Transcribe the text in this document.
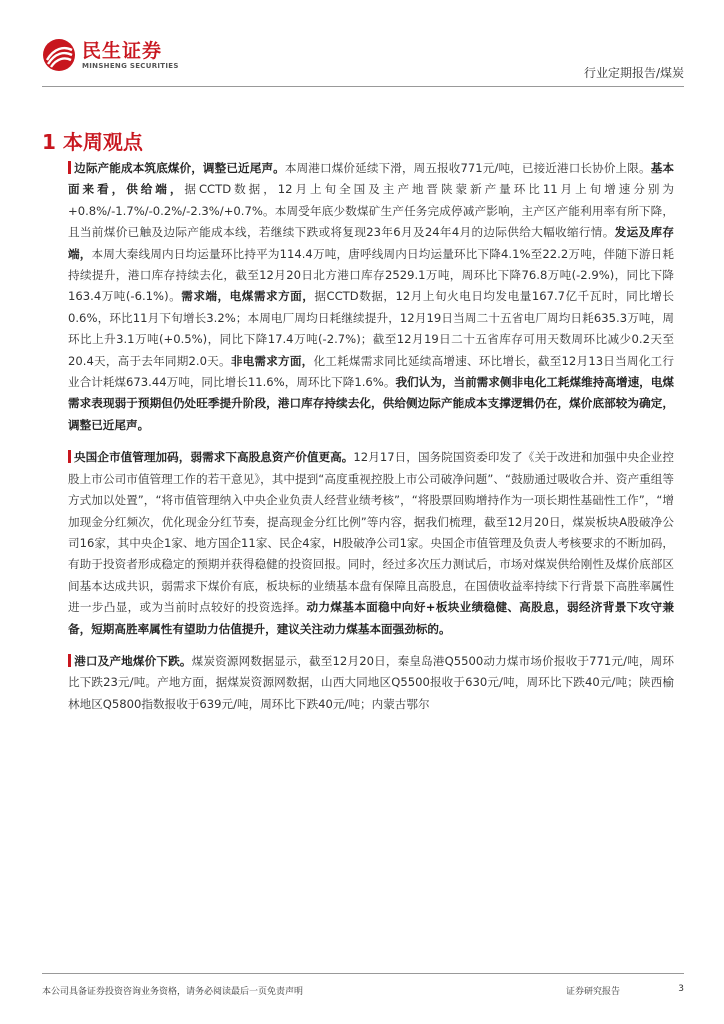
民生证券
MINSHENG SECURITIES
行业定期报告/煤炭
1 本周观点

边际产能成本筑底煤价，调整已近尾声。本周港口煤价延续下滑，周五报收771元/吨，已接近港口长协价上限。基本面来看，供给端，据CCTD数据，12月上旬全国及主产地晋陕蒙新产量环比11月上旬增速分别为+0.8%/-1.7%/-0.2%/-2.3%/+0.7%。本周受年底少数煤矿生产任务完成停减产影响，主产区产能利用率有所下降，且当前煤价已触及边际产能成本线，若继续下跌或将复现23年6月及24年4月的边际供给大幅收缩行情。发运及库存端，本周大秦线周内日均运量环比持平为114.4万吨，唐呼线周内日均运量环比下降4.1%至22.2万吨，伴随下游日耗持续提升，港口库存持续去化，截至12月20日北方港口库存2529.1万吨，周环比下降76.8万吨(-2.9%)，同比下降163.4万吨(-6.1%)。需求端，电煤需求方面，据CCTD数据，12月上旬火电日均发电量167.7亿千瓦时，同比增长0.6%，环比11月下旬增长3.2%；本周电厂周均日耗继续提升，12月19日当周二十五省电厂周均日耗635.3万吨，周环比上升3.1万吨(+0.5%)，同比下降17.4万吨(-2.7%)；截至12月19日二十五省库存可用天数周环比减少0.2天至20.4天，高于去年同期2.0天。非电需求方面，化工耗煤需求同比延续高增速、环比增长，截至12月13日当周化工行业合计耗煤673.44万吨，同比增长11.6%，周环比下降1.6%。我们认为，当前需求侧非电化工耗煤维持高增速，电煤需求表现弱于预期但仍处旺季提升阶段，港口库存持续去化，供给侧边际产能成本支撑逻辑仍在，煤价底部较为确定，调整已近尾声。

央国企市值管理加码，弱需求下高股息资产价值更高。12月17日，国务院国资委印发了《关于改进和加强中央企业控股上市公司市值管理工作的若干意见》，其中提到“高度重视控股上市公司破净问题”、“鼓励通过吸收合并、资产重组等方式加以处置”，“将市值管理纳入中央企业负责人经营业绩考核”，“将股票回购增持作为一项长期性基础性工作”，“增加现金分红频次，优化现金分红节奏，提高现金分红比例”等内容，据我们梳理，截至12月20日，煤炭板块A股破净公司16家，其中央企1家、地方国企11家、民企4家，H股破净公司1家。央国企市值管理及负责人考核要求的不断加码，有助于投资者形成稳定的预期并获得稳健的投资回报。同时，经过多次压力测试后，市场对煤炭供给刚性及煤价底部区间基本达成共识，弱需求下煤价有底，板块标的业绩基本盘有保障且高股息，在国债收益率持续下行背景下高胜率属性进一步凸显，或为当前时点较好的投资选择。动力煤基本面稳中向好+板块业绩稳健、高股息，弱经济背景下攻守兼备，短期高胜率属性有望助力估值提升，建议关注动力煤基本面强劲标的。

港口及产地煤价下跌。煤炭资源网数据显示，截至12月20日，秦皇岛港Q5500动力煤市场价报收于771元/吨，周环比下跌23元/吨。产地方面，据煤炭资源网数据，山西大同地区Q5500报收于630元/吨，周环比下跌40元/吨；陕西榆林地区Q5800指数报收于639元/吨，周环比下跌40元/吨；内蒙古鄂尔

本公司具备证券投资咨询业务资格，请务必阅读最后一页免责声明	证券研究报告	3
